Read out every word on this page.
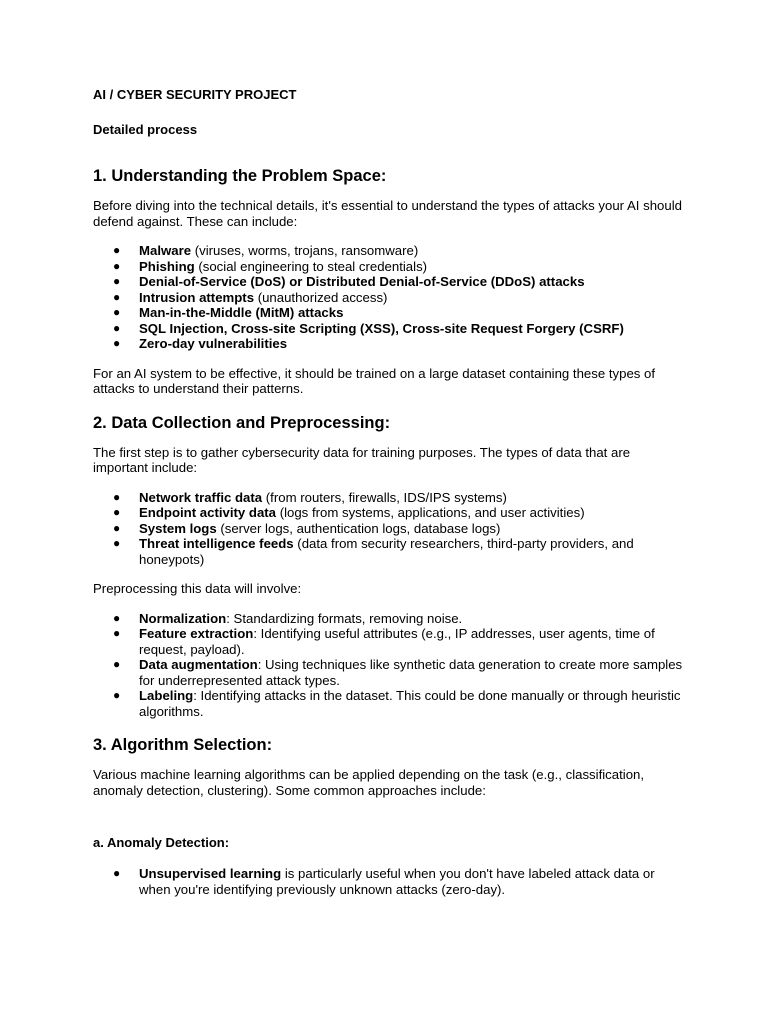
AI / CYBER SECURITY PROJECT

Detailed process

1. Understanding the Problem Space:

Before diving into the technical details, it's essential to understand the types of attacks your AI should defend against. These can include:

● Malware (viruses, worms, trojans, ransomware)
● Phishing (social engineering to steal credentials)
● Denial-of-Service (DoS) or Distributed Denial-of-Service (DDoS) attacks
● Intrusion attempts (unauthorized access)
● Man-in-the-Middle (MitM) attacks
● SQL Injection, Cross-site Scripting (XSS), Cross-site Request Forgery (CSRF)
● Zero-day vulnerabilities

For an AI system to be effective, it should be trained on a large dataset containing these types of attacks to understand their patterns.

2. Data Collection and Preprocessing:

The first step is to gather cybersecurity data for training purposes. The types of data that are important include:

● Network traffic data (from routers, firewalls, IDS/IPS systems)
● Endpoint activity data (logs from systems, applications, and user activities)
● System logs (server logs, authentication logs, database logs)
● Threat intelligence feeds (data from security researchers, third-party providers, and honeypots)

Preprocessing this data will involve:

● Normalization: Standardizing formats, removing noise.
● Feature extraction: Identifying useful attributes (e.g., IP addresses, user agents, time of request, payload).
● Data augmentation: Using techniques like synthetic data generation to create more samples for underrepresented attack types.
● Labeling: Identifying attacks in the dataset. This could be done manually or through heuristic algorithms.
3. Algorithm Selection:

Various machine learning algorithms can be applied depending on the task (e.g., classification, anomaly detection, clustering). Some common approaches include:

a. Anomaly Detection:
● Unsupervised learning is particularly useful when you don't have labeled attack data or when you're identifying previously unknown attacks (zero-day).
